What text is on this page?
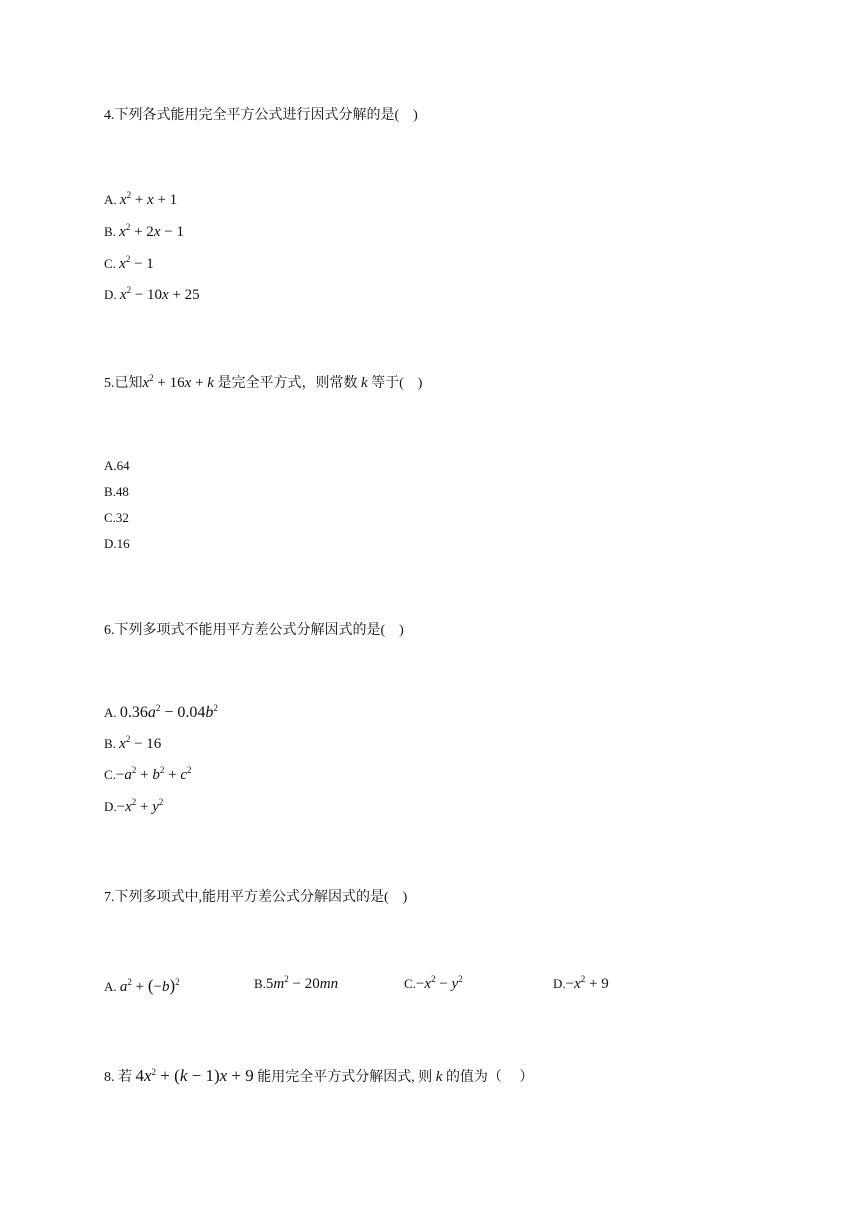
4.下列各式能用完全平方公式进行因式分解的是(　)
A. $x^2 + x + 1$
B. $x^2 + 2x - 1$
C. $x^2 - 1$
D. $x^2 - 10x + 25$
5.已知$x^2 + 16x + k$ 是完全平方式，则常数 k 等于(　)
A.64
B.48
C.32
D.16
6.下列多项式不能用平方差公式分解因式的是(　)
A. $0.36a^2 - 0.04b^2$
B. $x^2 - 16$
$C.-a^2 + b^2 + c^2$
$D.-x^2 + y^2$
7.下列多项式中,能用平方差公式分解因式的是(　)
A. $a^2 + (-b)^2$	$B.5m^2 - 20mn$	$C.-x^2 - y^2$	$D.-x^2 + 9$
8. 若 $4x^2 + (k - 1)x + 9$ 能用完全平方式分解因式, 则 k 的值为（　 ）
